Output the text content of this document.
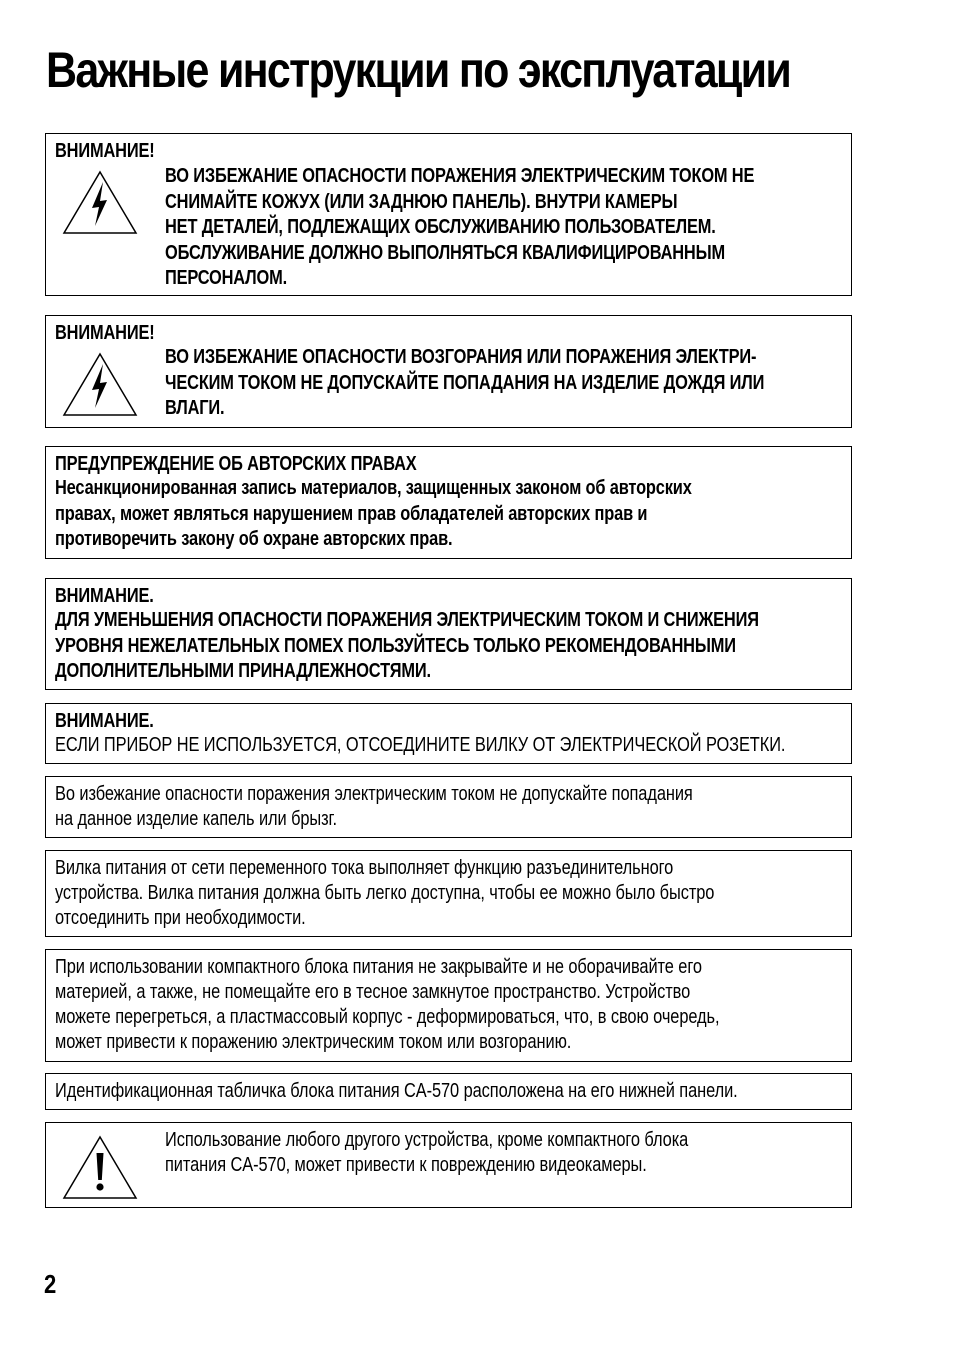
Важные инструкции по эксплуатации
ВНИМАНИЕ!
ВО ИЗБЕЖАНИЕ ОПАСНОСТИ ПОРАЖЕНИЯ ЭЛЕКТРИЧЕСКИМ ТОКОМ НЕ
СНИМАЙТЕ КОЖУХ (ИЛИ ЗАДНЮЮ ПАНЕЛЬ). ВНУТРИ КАМЕРЫ
НЕТ ДЕТАЛЕЙ, ПОДЛЕЖАЩИХ ОБСЛУЖИВАНИЮ ПОЛЬЗОВАТЕЛЕМ.
ОБСЛУЖИВАНИЕ ДОЛЖНО ВЫПОЛНЯТЬСЯ КВАЛИФИЦИРОВАННЫМ
ПЕРСОНАЛОМ.
ВНИМАНИЕ!
ВО ИЗБЕЖАНИЕ ОПАСНОСТИ ВОЗГОРАНИЯ ИЛИ ПОРАЖЕНИЯ ЭЛЕКТРИ-
ЧЕСКИМ ТОКОМ НЕ ДОПУСКАЙТЕ ПОПАДАНИЯ НА ИЗДЕЛИЕ ДОЖДЯ ИЛИ
ВЛАГИ.
ПРЕДУПРЕЖДЕНИЕ ОБ АВТОРСКИХ ПРАВАХ
Несанкционированная запись материалов, защищенных законом об авторских
правах, может являться нарушением прав обладателей авторских прав и
противоречить закону об охране авторских прав.
ВНИМАНИЕ.
ДЛЯ УМЕНЬШЕНИЯ ОПАСНОСТИ ПОРАЖЕНИЯ ЭЛЕКТРИЧЕСКИМ ТОКОМ И СНИЖЕНИЯ
УРОВНЯ НЕЖЕЛАТЕЛЬНЫХ ПОМЕХ ПОЛЬЗУЙТЕСЬ ТОЛЬКО РЕКОМЕНДОВАННЫМИ
ДОПОЛНИТЕЛЬНЫМИ ПРИНАДЛЕЖНОСТЯМИ.
ВНИМАНИЕ.
ЕСЛИ ПРИБОР НЕ ИСПОЛЬЗУЕТСЯ, ОТСОЕДИНИТЕ ВИЛКУ ОТ ЭЛЕКТРИЧЕСКОЙ РОЗЕТКИ.
Во избежание опасности поражения электрическим током не допускайте попадания
на данное изделие капель или брызг.
Вилка питания от сети переменного тока выполняет функцию разъединительного
устройства. Вилка питания должна быть легко доступна, чтобы ее можно было быстро
отсоединить при необходимости.
При использовании компактного блока питания не закрывайте и не оборачивайте его
материей, а также, не помещайте его в тесное замкнутое пространство. Устройство
можете перегреться, а пластмассовый корпус - деформироваться, что, в свою очередь,
может привести к поражению электрическим током или возгоранию.
Идентификационная табличка блока питания CA-570 расположена на его нижней панели.
Использование любого другого устройства, кроме компактного блока
питания CA-570, может привести к повреждению видеокамеры.
2
